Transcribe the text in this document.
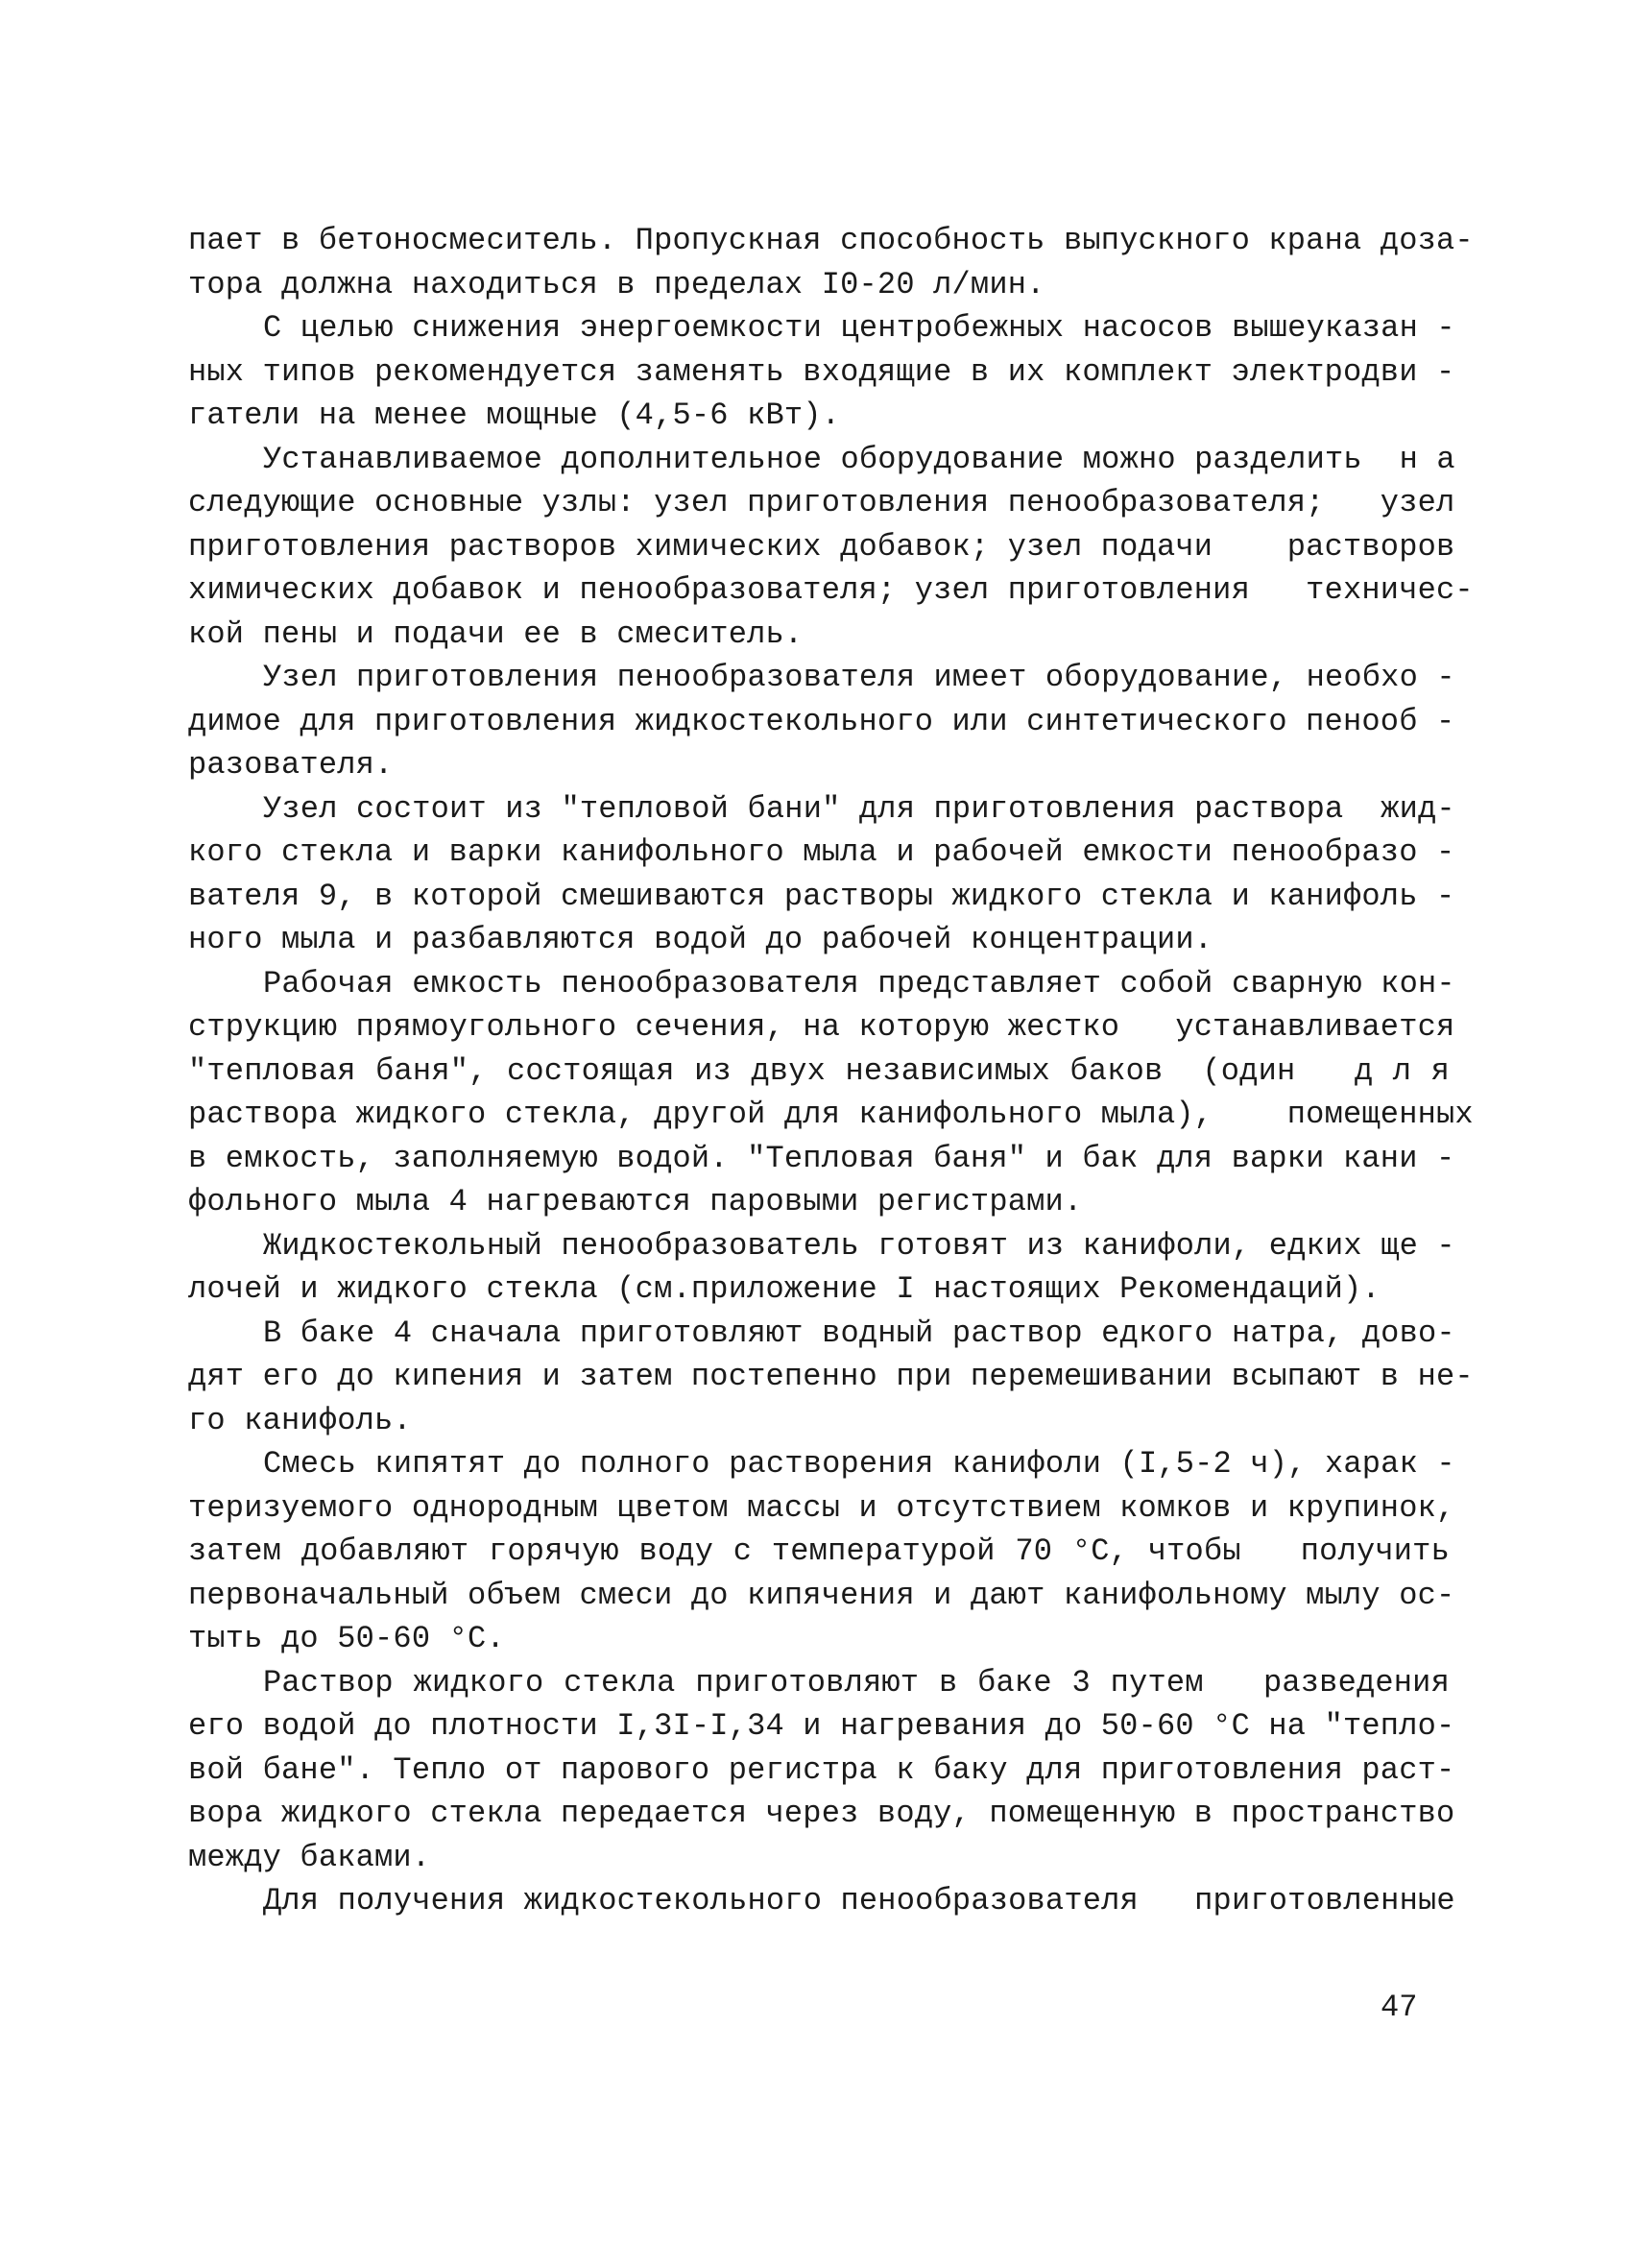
пает в бетоносмеситель. Пропускная способность выпускного крана доза-
тора должна находиться в пределах I0-20 л/мин.
С целью снижения энергоемкости центробежных насосов вышеуказан -
ных типов рекомендуется заменять входящие в их комплект электродви -
гатели на менее мощные (4,5-6 кВт).
Устанавливаемое дополнительное оборудование можно разделить  н а
следующие основные узлы: узел приготовления пенообразователя;   узел
приготовления растворов химических добавок; узел подачи    растворов
химических добавок и пенообразователя; узел приготовления   техничес-
кой пены и подачи ее в смеситель.
Узел приготовления пенообразователя имеет оборудование, необхо -
димое для приготовления жидкостекольного или синтетического пенооб -
разователя.
Узел состоит из "тепловой бани" для приготовления раствора  жид-
кого стекла и варки канифольного мыла и рабочей емкости пенообразо -
вателя 9, в которой смешиваются растворы жидкого стекла и канифоль -
ного мыла и разбавляются водой до рабочей концентрации.
Рабочая емкость пенообразователя представляет собой сварную кон-
струкцию прямоугольного сечения, на которую жестко   устанавливается
"тепловая баня", состоящая из двух независимых баков  (один   д л я
раствора жидкого стекла, другой для канифольного мыла),    помещенных
в емкость, заполняемую водой. "Тепловая баня" и бак для варки кани -
фольного мыла 4 нагреваются паровыми регистрами.
Жидкостекольный пенообразователь готовят из канифоли, едких ще -
лочей и жидкого стекла (см.приложение I настоящих Рекомендаций).
В баке 4 сначала приготовляют водный раствор едкого натра, дово-
дят его до кипения и затем постепенно при перемешивании всыпают в не-
го канифоль.
Смесь кипятят до полного растворения канифоли (I,5-2 ч), харак -
теризуемого однородным цветом массы и отсутствием комков и крупинок,
затем добавляют горячую воду с температурой 70 °С, чтобы   получить
первоначальный объем смеси до кипячения и дают канифольному мылу ос-
тыть до 50-60 °С.
Раствор жидкого стекла приготовляют в баке 3 путем   разведения
его водой до плотности I,3I-I,34 и нагревания до 50-60 °С на "тепло-
вой бане". Тепло от парового регистра к баку для приготовления раст-
вора жидкого стекла передается через воду, помещенную в пространство
между баками.
Для получения жидкостекольного пенообразователя   приготовленные
47
